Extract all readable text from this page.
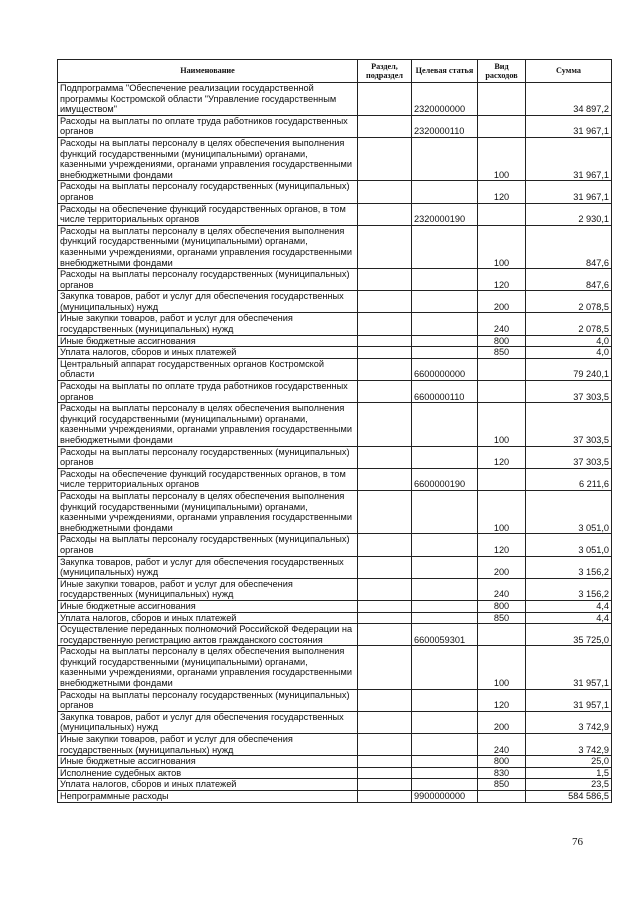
Наименование	Раздел, подраздел	Целевая статья	Вид расходов	Сумма
Подпрограмма "Обеспечение реализации государственной программы Костромской области "Управление государственным имуществом"		2320000000		34 897,2
Расходы на выплаты по оплате труда работников государственных органов		2320000110		31 967,1
Расходы на выплаты персоналу в целях обеспечения выполнения функций государственными (муниципальными) органами, казенными учреждениями, органами управления государственными внебюджетными фондами			100	31 967,1
Расходы на выплаты персоналу государственных (муниципальных) органов			120	31 967,1
Расходы на обеспечение функций государственных органов, в том числе территориальных органов		2320000190		2 930,1
Расходы на выплаты персоналу в целях обеспечения выполнения функций государственными (муниципальными) органами, казенными учреждениями, органами управления государственными внебюджетными фондами			100	847,6
Расходы на выплаты персоналу государственных (муниципальных) органов			120	847,6
Закупка товаров, работ и услуг для обеспечения государственных (муниципальных) нужд			200	2 078,5
Иные закупки товаров, работ и услуг для обеспечения государственных (муниципальных) нужд			240	2 078,5
Иные бюджетные ассигнования			800	4,0
Уплата налогов, сборов и иных платежей			850	4,0
Центральный аппарат государственных органов Костромской области		6600000000		79 240,1
Расходы на выплаты по оплате труда работников государственных органов		6600000110		37 303,5
Расходы на выплаты персоналу в целях обеспечения выполнения функций государственными (муниципальными) органами, казенными учреждениями, органами управления государственными внебюджетными фондами			100	37 303,5
Расходы на выплаты персоналу государственных (муниципальных) органов			120	37 303,5
Расходы на обеспечение функций государственных органов, в том числе территориальных органов		6600000190		6 211,6
Расходы на выплаты персоналу в целях обеспечения выполнения функций государственными (муниципальными) органами, казенными учреждениями, органами управления государственными внебюджетными фондами			100	3 051,0
Расходы на выплаты персоналу государственных (муниципальных) органов			120	3 051,0
Закупка товаров, работ и услуг для обеспечения государственных (муниципальных) нужд			200	3 156,2
Иные закупки товаров, работ и услуг для обеспечения государственных (муниципальных) нужд			240	3 156,2
Иные бюджетные ассигнования			800	4,4
Уплата налогов, сборов и иных платежей			850	4,4
Осуществление переданных полномочий Российской Федерации на государственную регистрацию актов гражданского состояния		6600059301		35 725,0
Расходы на выплаты персоналу в целях обеспечения выполнения функций государственными (муниципальными) органами, казенными учреждениями, органами управления государственными внебюджетными фондами			100	31 957,1
Расходы на выплаты персоналу государственных (муниципальных) органов			120	31 957,1
Закупка товаров, работ и услуг для обеспечения государственных (муниципальных) нужд			200	3 742,9
Иные закупки товаров, работ и услуг для обеспечения государственных (муниципальных) нужд			240	3 742,9
Иные бюджетные ассигнования			800	25,0
Исполнение судебных актов			830	1,5
Уплата налогов, сборов и иных платежей			850	23,5
Непрограммные расходы		9900000000		584 586,5
76
